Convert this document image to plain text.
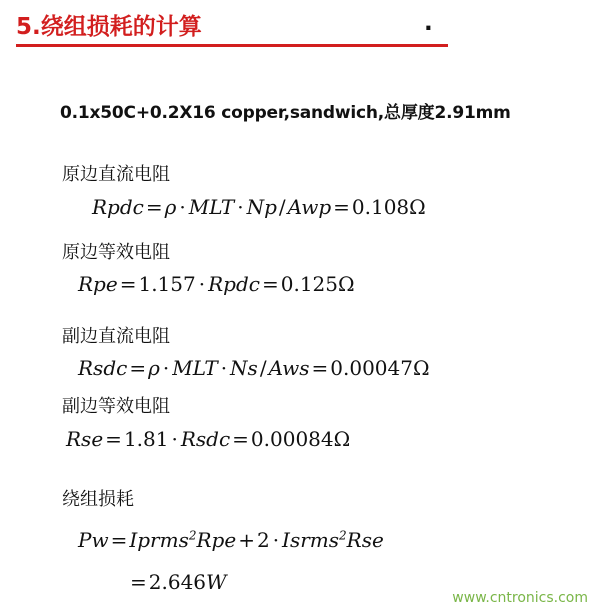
5.绕组损耗的计算	.
0.1x50C+0.2X16 copper,sandwich,总厚度2.91mm
原边直流电阻
Rpdc = ρ · MLT · Np / Awp = 0.108Ω
原边等效电阻
Rpe = 1.157 · Rpdc = 0.125Ω
副边直流电阻
Rsdc = ρ · MLT · Ns / Aws = 0.00047Ω
副边等效电阻
Rse = 1.81 · Rsdc = 0.00084Ω
绕组损耗
Pw = Iprms$^2$Rpe + 2 · Isrms$^2$Rse
= 2.646W
www.cntronics.com
